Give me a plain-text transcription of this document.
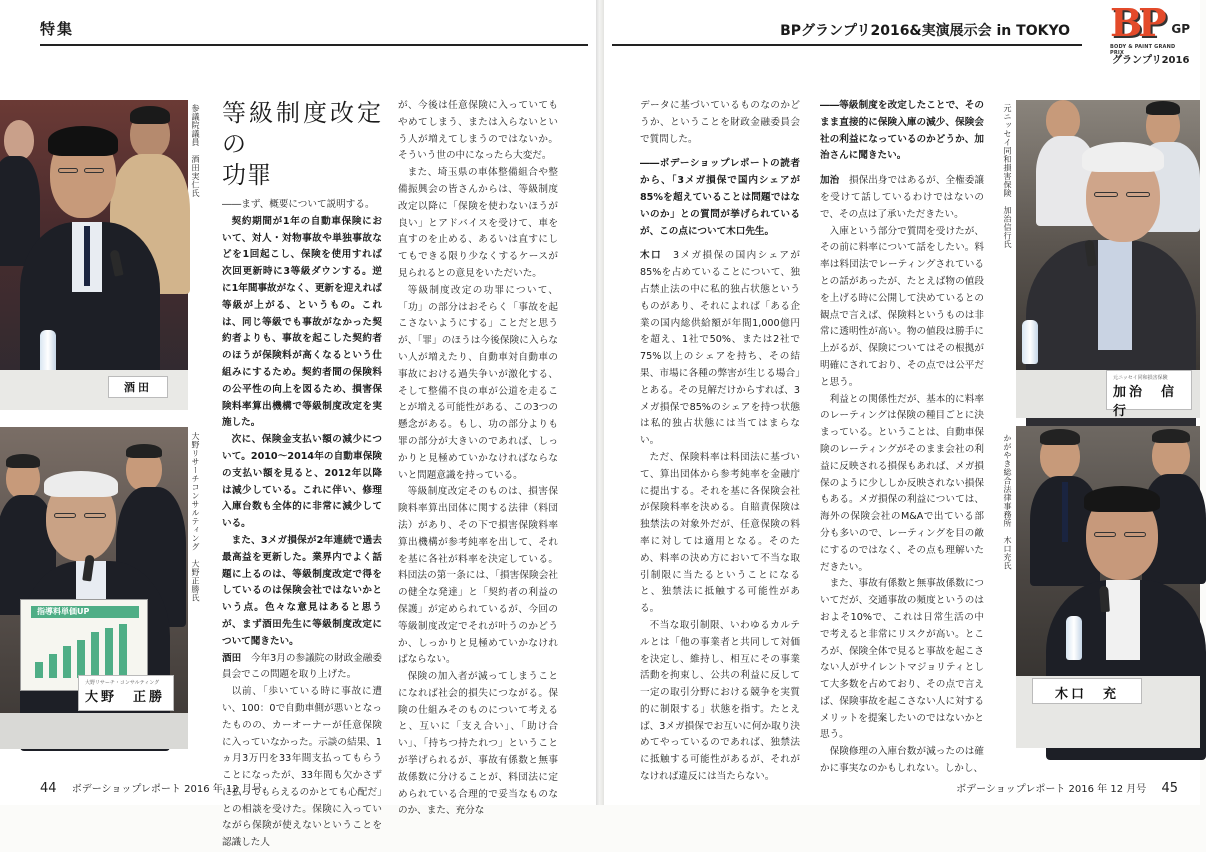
特集	BPグランプリ2016&実演展示会 in TOKYO BP GP
BODY & PAINT GRAND PRIX
グランプリ2016
酒田
参議院議員　酒田実仁氏
指導料単価UP
大野リサーチ・コンサルティング
大野　正勝
大野リサーチコンサルティング　大野正勝氏
等級制度改定の
功罪

――まず、概要について説明する。

契約期間が1年の自動車保険において、対人・対物事故や単独事故などを1回起こし、保険を使用すれば次回更新時に3等級ダウンする。逆に1年間事故がなく、更新を迎えれば等級が上がる、というもの。これは、同じ等級でも事故がなかった契約者よりも、事故を起こした契約者のほうが保険料が高くなるという仕組みにするため。契約者間の保険料の公平性の向上を図るため、損害保険料率算出機構で等級制度改定を実施した。

次に、保険金支払い額の減少について。2010〜2014年の自動車保険の支払い額を見ると、2012年以降は減少している。これに伴い、修理入庫台数も全体的に非常に減少している。

また、3メガ損保が2年連続で過去最高益を更新した。業界内でよく話題に上るのは、等級制度改定で得をしているのは保険会社ではないかという点。色々な意見はあると思うが、まず酒田先生に等級制度改定について聞きたい。

酒田　 今年3月の参議院の財政金融委員会でこの問題を取り上げた。

以前、「歩いている時に事故に遭い、100：0で自動車側が悪いとなったものの、カーオーナーが任意保険に入っていなかった。示談の結果、1ヵ月3万円を33年間支払ってもらうことになったが、33年間も欠かさずに払ってもらえるのかとても心配だ」との相談を受けた。保険に入っていながら保険が使えないということを認識した人

が、今後は任意保険に入っていてもやめてしまう、または入らないという人が増えてしまうのではないか。そういう世の中になったら大変だ。

また、埼玉県の車体整備組合や整備振興会の皆さんからは、等級制度改定以降に「保険を使わないほうが良い」とアドバイスを受けて、車を直すのを止める、あるいは直すにしてもできる限り少なくするケースが見られるとの意見をいただいた。

等級制度改定の功罪について、「功」の部分はおそらく「事故を起こさないようにする」ことだと思うが、「罪」のほうは今後保険に入らない人が増えたり、自動車対自動車の事故における過失争いが激化する、そして整備不良の車が公道を走ることが増える可能性がある、この3つの懸念がある。もし、功の部分よりも罪の部分が大きいのであれば、しっかりと見極めていかなければならないと問題意識を持っている。

等級制度改定そのものは、損害保険料率算出団体に関する法律（料団法）があり、その下で損害保険料率算出機構が参考純率を出して、それを基に各社が料率を決定している。料団法の第一条には、「損害保険会社の健全な発達」と「契約者の利益の保護」が定められているが、今回の等級制度改定でそれが叶うのかどうか、しっかりと見極めていかなければならない。

保険の加入者が減ってしまうことになれば社会的損失につながる。保険の仕組みそのものについて考えると、互いに「支え合い」、「助け合い」、「持ちつ持たれつ」ということが挙げられるが、事故有係数と無事故係数に分けることが、料団法に定められている合理的で妥当なものなのか、また、充分な

データに基づいているものなのかどうか、ということを財政金融委員会で質問した。

――ボデーショップレポートの読者から、「3メガ損保で国内シェアが85%を超えていることは問題ではないのか」との質問が挙げられているが、この点について木口先生。

木口　 3メガ損保の国内シェアが85%を占めていることについて、独占禁止法の中に私的独占状態というものがあり、それによれば「ある企業の国内総供給額が年間1,000億円を超え、1社で50%、または2社で75%以上のシェアを持ち、その結果、市場に各種の弊害が生じる場合」とある。その見解だけからすれば、3メガ損保で85%のシェアを持つ状態は私的独占状態には当てはまらない。

ただ、保険料率は料団法に基づいて、算出団体から参考純率を金融庁に提出する。それを基に各保険会社が保険料率を決める。自賠責保険は独禁法の対象外だが、任意保険の料率に対しては適用となる。そのため、料率の決め方において不当な取引制限に当たるということになると、独禁法に抵触する可能性がある。

不当な取引制限、いわゆるカルテルとは「他の事業者と共同して対価を決定し、維持し、相互にその事業活動を拘束し、公共の利益に反して一定の取引分野における競争を実質的に制限する」状態を指す。たとえば、3メガ損保でお互いに何か取り決めてやっているのであれば、独禁法に抵触する可能性があるが、それがなければ違反には当たらない。

――等級制度を改定したことで、そのまま直接的に保険入庫の減少、保険会社の利益になっているのかどうか、加治さんに聞きたい。

加治　 損保出身ではあるが、全権委譲を受けて話しているわけではないので、その点は了承いただきたい。

入庫という部分で質問を受けたが、その前に料率について話をしたい。料率は料団法でレーティングされているとの話があったが、たとえば物の値段を上げる時に公開して決めているとの観点で言えば、保険料というものは非常に透明性が高い。物の値段は勝手に上がるが、保険についてはその根拠が明確にされており、その点では公平だと思う。

利益との関係性だが、基本的に料率のレーティングは保険の種目ごとに決まっている。ということは、自動車保険のレーティングがそのまま会社の利益に反映される損保もあれば、メガ損保のように少ししか反映されない損保もある。メガ損保の利益については、海外の保険会社のM&Aで出ている部分も多いので、レーティングを目の敵にするのではなく、その点も理解いただきたい。

また、事故有係数と無事故係数についてだが、交通事故の頻度というのはおよそ10%で、これは日常生活の中で考えると非常にリスクが高い。ところが、保険全体で見ると事故を起こさない人がサイレントマジョリティとして大多数を占めており、その点で言えば、保険事故を起こさない人に対するメリットを提案したいのではないかと思う。

保険修理の入庫台数が減ったのは確かに事実なのかもしれない。しかし、

元ニッセイ同和損害保険　加治信行氏
元ニッセイ同和損害保険
加治　信行
かがやき総合法律事務所　木口充氏
木口　充
44 ボデーショップレポート 2016 年 12 月号	ボデーショップレポート 2016 年 12 月号 45
